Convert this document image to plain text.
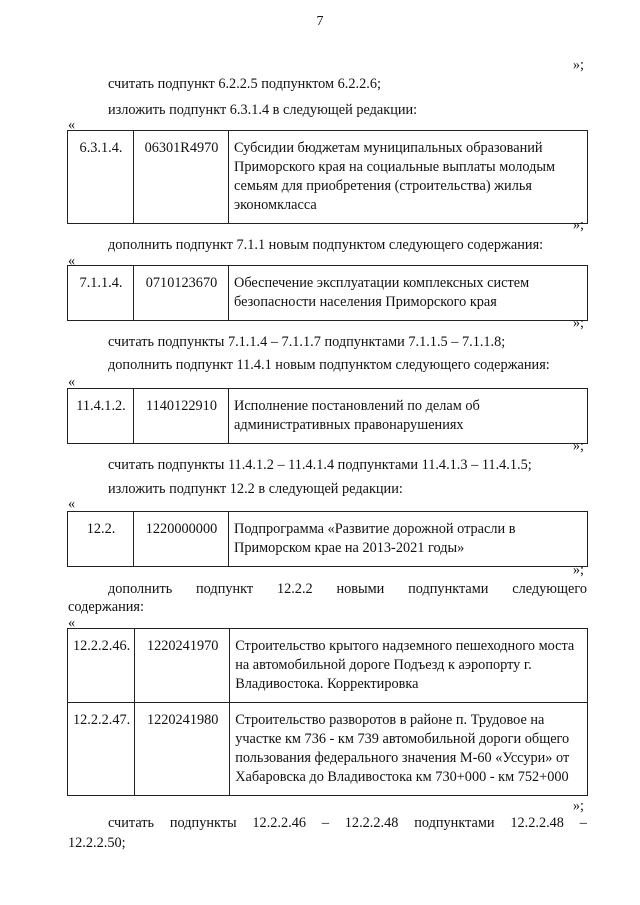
7
»;
считать подпункт 6.2.2.5 подпунктом 6.2.2.6;
изложить подпункт 6.3.1.4 в следующей редакции:
«
6.3.1.4.	06301R4970	Субсидии бюджетам муниципальных образований Приморского края на социальные выплаты молодым семьям для приобретения (строительства) жилья экономкласса
»;
дополнить подпункт 7.1.1 новым подпунктом следующего содержания:
«
7.1.1.4.	0710123670	Обеспечение эксплуатации комплексных систем безопасности населения Приморского края
»;
считать подпункты 7.1.1.4 – 7.1.1.7 подпунктами 7.1.1.5 – 7.1.1.8;
дополнить подпункт 11.4.1 новым подпунктом следующего содержания:
«
11.4.1.2.	1140122910	Исполнение постановлений по делам об административных правонарушениях
»;
считать подпункты 11.4.1.2 – 11.4.1.4 подпунктами 11.4.1.3 – 11.4.1.5;
изложить подпункт 12.2 в следующей редакции:
«
12.2.	1220000000	Подпрограмма «Развитие дорожной отрасли в Приморском крае на 2013-2021 годы»
»;
дополнить подпункт 12.2.2 новыми подпунктами следующего
содержания:
«
12.2.2.46.	1220241970	Строительство крытого надземного пешеходного моста на автомобильной дороге Подъезд к аэропорту г. Владивостока. Корректировка
12.2.2.47.	1220241980	Строительство разворотов в районе п. Трудовое на участке км 736 - км 739 автомобильной дороги общего пользования федерального значения М-60 «Уссури» от Хабаровска до Владивостока км 730+000 - км 752+000
»;
считать подпункты 12.2.2.46 – 12.2.2.48 подпунктами 12.2.2.48 –
12.2.2.50;
